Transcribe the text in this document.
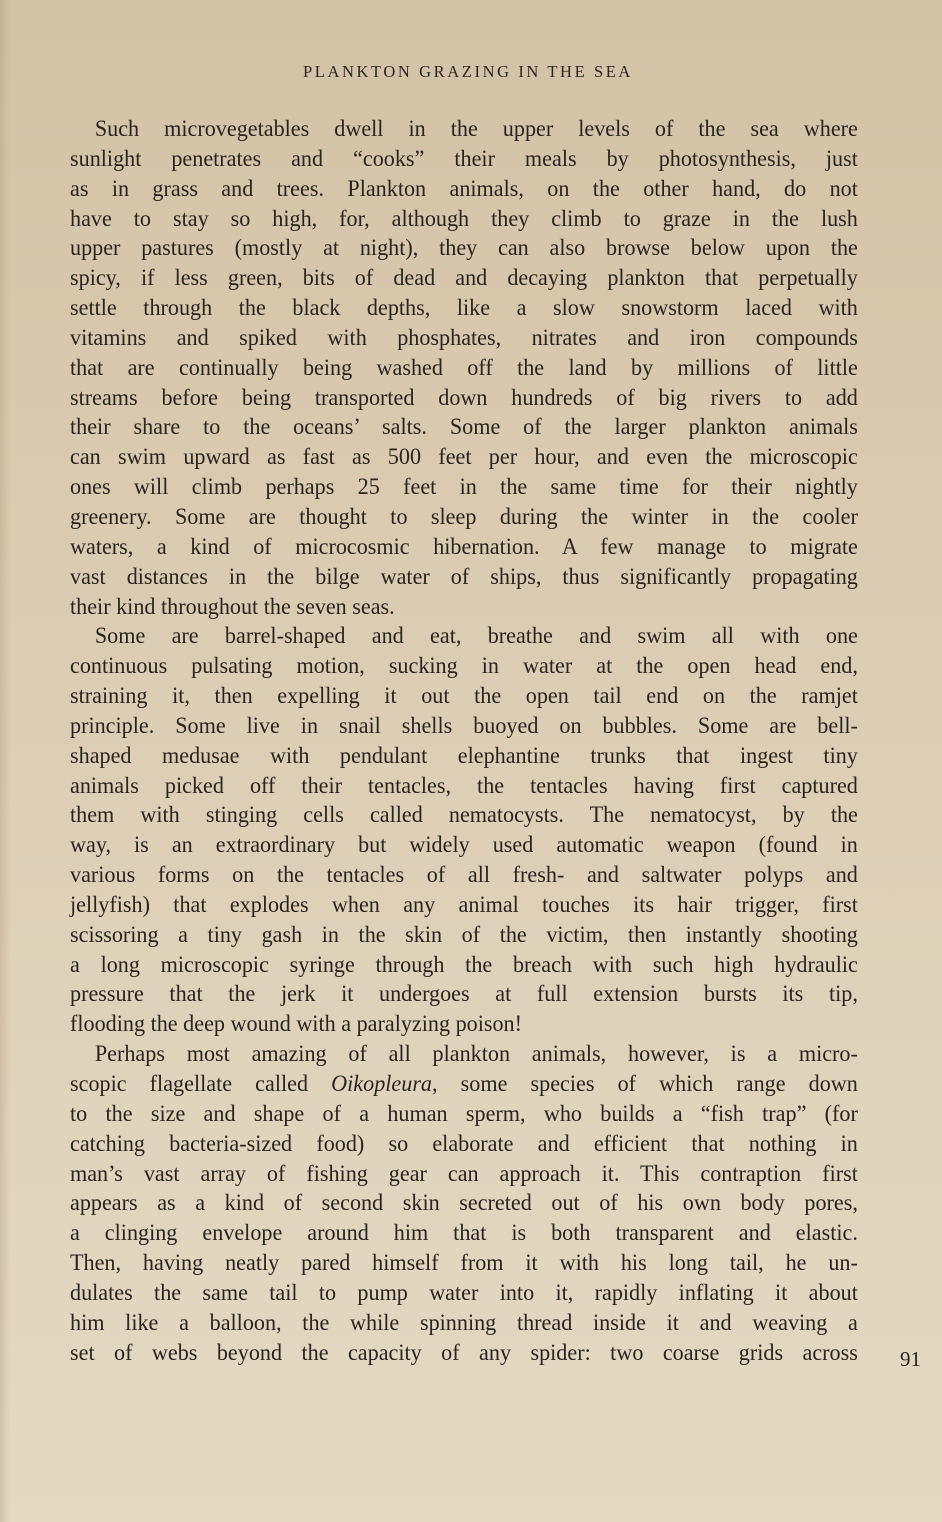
PLANKTON GRAZING IN THE SEA
Such microvegetables dwell in the upper levels of the sea where
sunlight penetrates and “cooks” their meals by photosynthesis, just
as in grass and trees. Plankton animals, on the other hand, do not
have to stay so high, for, although they climb to graze in the lush
upper pastures (mostly at night), they can also browse below upon the
spicy, if less green, bits of dead and decaying plankton that perpetually
settle through the black depths, like a slow snowstorm laced with
vitamins and spiked with phosphates, nitrates and iron compounds
that are continually being washed off the land by millions of little
streams before being transported down hundreds of big rivers to add
their share to the oceans’ salts. Some of the larger plankton animals
can swim upward as fast as 500 feet per hour, and even the microscopic
ones will climb perhaps 25 feet in the same time for their nightly
greenery. Some are thought to sleep during the winter in the cooler
waters, a kind of microcosmic hibernation. A few manage to migrate
vast distances in the bilge water of ships, thus significantly propagating
their kind throughout the seven seas.
Some are barrel-shaped and eat, breathe and swim all with one
continuous pulsating motion, sucking in water at the open head end,
straining it, then expelling it out the open tail end on the ramjet
principle. Some live in snail shells buoyed on bubbles. Some are bell-
shaped medusae with pendulant elephantine trunks that ingest tiny
animals picked off their tentacles, the tentacles having first captured
them with stinging cells called nematocysts. The nematocyst, by the
way, is an extraordinary but widely used automatic weapon (found in
various forms on the tentacles of all fresh- and saltwater polyps and
jellyfish) that explodes when any animal touches its hair trigger, first
scissoring a tiny gash in the skin of the victim, then instantly shooting
a long microscopic syringe through the breach with such high hydraulic
pressure that the jerk it undergoes at full extension bursts its tip,
flooding the deep wound with a paralyzing poison!
Perhaps most amazing of all plankton animals, however, is a micro-
scopic flagellate called Oikopleura, some species of which range down
to the size and shape of a human sperm, who builds a “fish trap” (for
catching bacteria-sized food) so elaborate and efficient that nothing in
man’s vast array of fishing gear can approach it. This contraption first
appears as a kind of second skin secreted out of his own body pores,
a clinging envelope around him that is both transparent and elastic.
Then, having neatly pared himself from it with his long tail, he un-
dulates the same tail to pump water into it, rapidly inflating it about
him like a balloon, the while spinning thread inside it and weaving a
set of webs beyond the capacity of any spider: two coarse grids across 91
